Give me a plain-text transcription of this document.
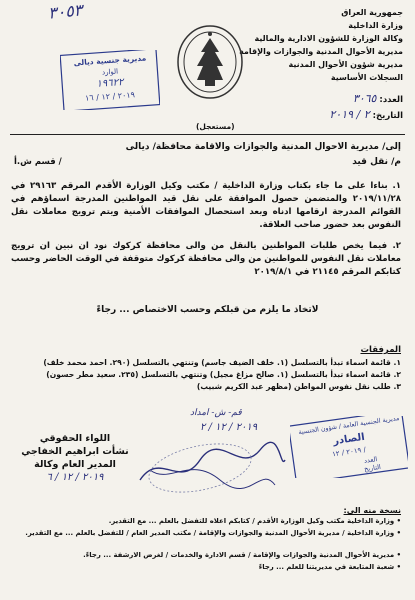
جمهورية العراق
وزارة الداخلية
وكالة الوزارة للشؤون الادارية والمالية
مديرية الأحوال المدنية والجوازات والإقامة
مديرية شؤون الأحوال المدنية
السجلات الأساسية
العدد: ٣٠٦٥
التاريخ: ٢ / ٢٠١٩
(مستعجل)
٣٠٥٣
مديرية جنسية ديالى
الوارد
١٩٦٢٢
٢٠١٩ / ١٢ / ١٦
إلى/ مديرية الاحوال المدنية والجوازات والاقامة محافظة/ ديالى
م/ نقل قيد
/ قسم ش.أ
١. بناءا على ما جاء بكتاب وزارة الداخلية / مكتب وكيل الوزارة الأقدم المرقم ٢٩١٦٣ في ٢٠١٩/١١/٢٨ والمتضمن حصول الموافقة على نقل قيد المواطنين المدرجة اسماؤهم في القوائم المدرجة ارقامها ادناه وبعد استحصال الموافقات الأمنية ويتم ترويج معاملات نقل النفوس بعد حضور صاحب العلاقة.
٢. فيما يخص طلبات المواطنين بالنقل من والى محافظة كركوك نود ان نبين ان ترويج معاملات نقل النفوس للمواطنين من والى محافظة كركوك متوقفة في الوقت الحاضر وحسب كتابكم المرقم ٢١١٤٥ في ٢٠١٩/٨/١
لاتخاذ ما يلزم من قبلكم وحسب الاختصاص ... رجاءً
المرفقات
١. قائمة اسماء تبدأ بالتسلسل (١. خلف الضيف جاسم) وتنتهي بالتسلسل (٢٩٠. احمد محمد خلف)
٢. قائمة اسماء تبدأ بالتسلسل (١. صالح مزاغ مجيل) وتنتهي بالتسلسل (٢٣٥. سعيد مطر حسون)
٣. طلب نقل نفوس المواطن (مظهر عبد الكريم شبيب)
قم- ش- امداد
٢٠١٩ / ١٢ / ٢	مديرية الجنسية العامة / شؤون الجنسية
الصادر
٢٠١٩ / ١٢ /
العدد
التاريخ
اللواء الحقوقي
نشأت ابراهيم الخفاجي
المدير العام وكالة
٢٠١٩ / ١٢ / ٦
نسخة منه الى:
• وزارة الداخلية مكتب وكيل الوزارة الأقدم / كتابكم اعلاه للتفضل بالعلم ... مع التقدير.
• وزارة الداخلية / مديرية الأحوال المدنية والجوازات والإقامة / مكتب المدير العام / للتفضل بالعلم ... مع التقدير.
• مديرية الأحوال المدنية والجوازات والإقامة / قسم الادارة والخدمات / لغرض الارشفة ... رجاءً.
• شعبة المتابعة في مديريتنا للعلم ... رجاءً
